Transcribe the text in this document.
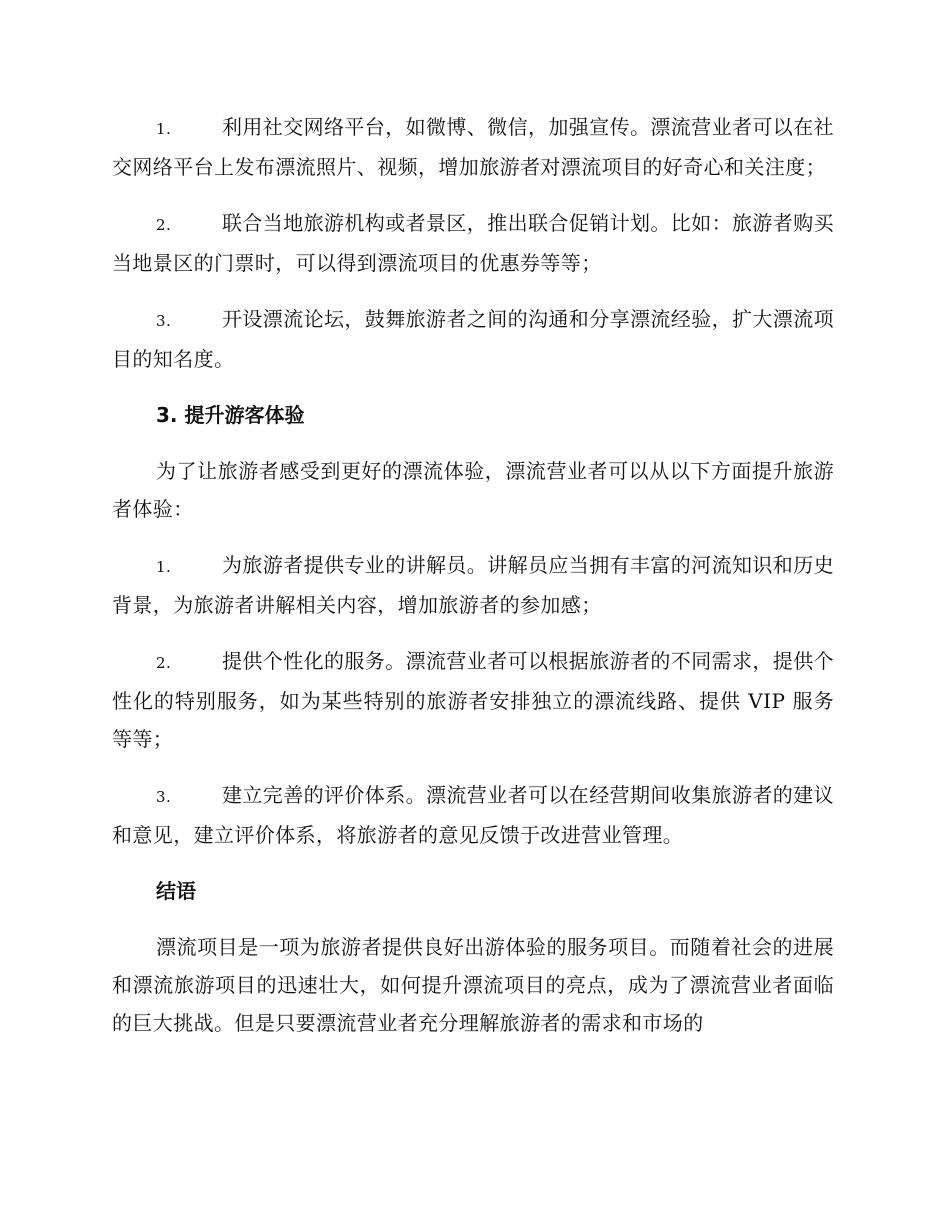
1.	利用社交网络平台，如微博、微信，加强宣传。漂流营业者可以在社交网络平台上发布漂流照片、视频，增加旅游者对漂流项目的好奇心和关注度；

2.	联合当地旅游机构或者景区，推出联合促销计划。比如：旅游者购买当地景区的门票时，可以得到漂流项目的优惠券等等；

3.	开设漂流论坛，鼓舞旅游者之间的沟通和分享漂流经验，扩大漂流项目的知名度。

3. 提升游客体验

为了让旅游者感受到更好的漂流体验，漂流营业者可以从以下方面提升旅游者体验：

1.	为旅游者提供专业的讲解员。讲解员应当拥有丰富的河流知识和历史背景，为旅游者讲解相关内容，增加旅游者的参加感；

2.	提供个性化的服务。漂流营业者可以根据旅游者的不同需求，提供个性化的特别服务，如为某些特别的旅游者安排独立的漂流线路、提供 VIP 服务等等；

3.	建立完善的评价体系。漂流营业者可以在经营期间收集旅游者的建议和意见，建立评价体系，将旅游者的意见反馈于改进营业管理。

结语

漂流项目是一项为旅游者提供良好出游体验的服务项目。而随着社会的进展和漂流旅游项目的迅速壮大，如何提升漂流项目的亮点，成为了漂流营业者面临的巨大挑战。但是只要漂流营业者充分理解旅游者的需求和市场的
